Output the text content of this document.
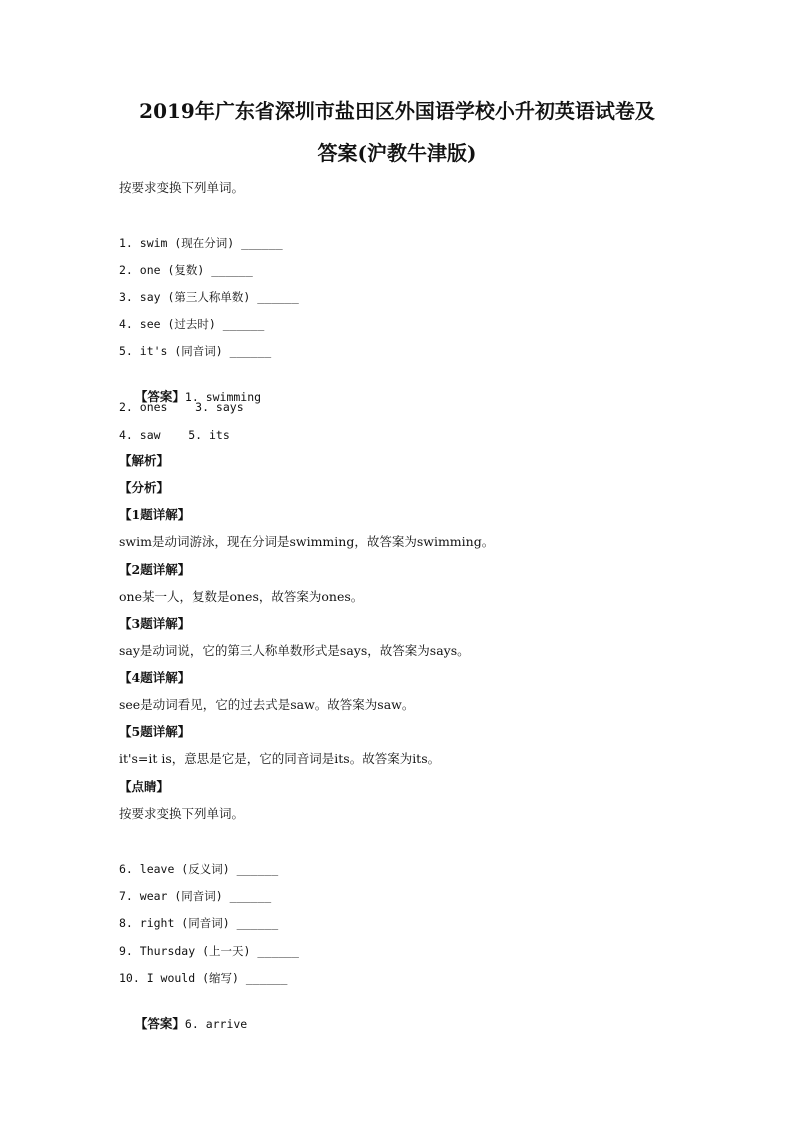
2019年广东省深圳市盐田区外国语学校小升初英语试卷及
答案(沪教牛津版)
按要求变换下列单词。
1. swim (现在分词) ______
2. one (复数) ______
3. say (第三人称单数) ______
4. see (过去时) ______
5. it's (同音词) ______

【答案】1. swimming

2. ones    3. says
4. saw    5. its
【解析】
【分析】
【1题详解】
swim是动词游泳，现在分词是swimming，故答案为swimming。
【2题详解】
one某一人，复数是ones，故答案为ones。
【3题详解】
say是动词说，它的第三人称单数形式是says，故答案为says。
【4题详解】
see是动词看见，它的过去式是saw。故答案为saw。
【5题详解】
it's=it is，意思是它是，它的同音词是its。故答案为its。
【点睛】
按要求变换下列单词。
6. leave (反义词) ______
7. wear (同音词) ______
8. right (同音词) ______
9. Thursday (上一天) ______
10. I would (缩写) ______

【答案】6. arrive
